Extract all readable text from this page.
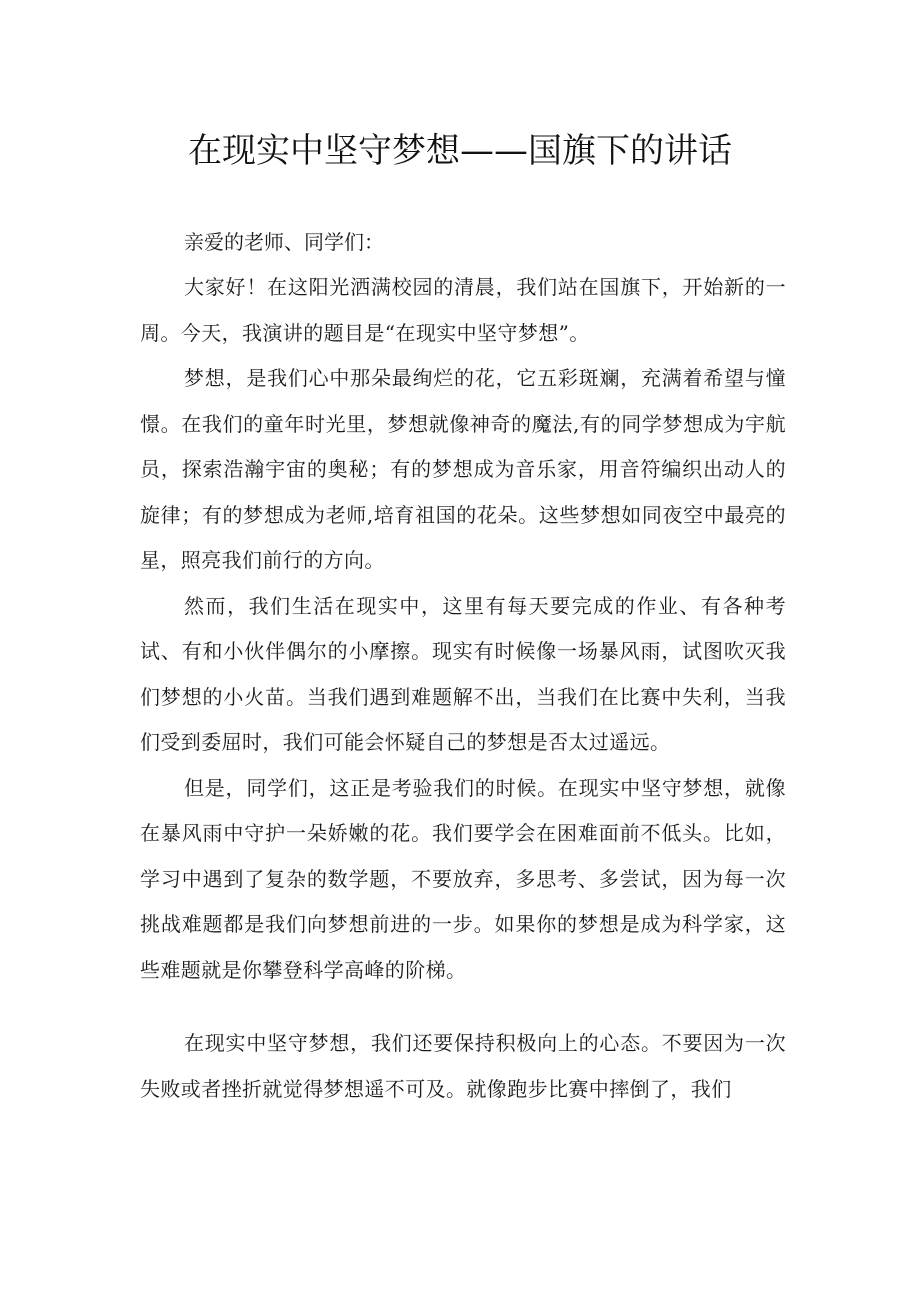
在现实中坚守梦想——国旗下的讲话

亲爱的老师、同学们：

大家好！在这阳光洒满校园的清晨，我们站在国旗下，开始新的一周。今天，我演讲的题目是“在现实中坚守梦想”。

梦想，是我们心中那朵最绚烂的花，它五彩斑斓，充满着希望与憧憬。在我们的童年时光里，梦想就像神奇的魔法,有的同学梦想成为宇航员，探索浩瀚宇宙的奥秘；有的梦想成为音乐家，用音符编织出动人的旋律；有的梦想成为老师,培育祖国的花朵。这些梦想如同夜空中最亮的星，照亮我们前行的方向。

然而，我们生活在现实中，这里有每天要完成的作业、有各种考试、有和小伙伴偶尔的小摩擦。现实有时候像一场暴风雨，试图吹灭我们梦想的小火苗。当我们遇到难题解不出，当我们在比赛中失利，当我们受到委屈时，我们可能会怀疑自己的梦想是否太过遥远。

但是，同学们，这正是考验我们的时候。在现实中坚守梦想，就像在暴风雨中守护一朵娇嫩的花。我们要学会在困难面前不低头。比如，学习中遇到了复杂的数学题，不要放弃，多思考、多尝试，因为每一次挑战难题都是我们向梦想前进的一步。如果你的梦想是成为科学家，这些难题就是你攀登科学高峰的阶梯。

在现实中坚守梦想，我们还要保持积极向上的心态。不要因为一次失败或者挫折就觉得梦想遥不可及。就像跑步比赛中摔倒了，我们
